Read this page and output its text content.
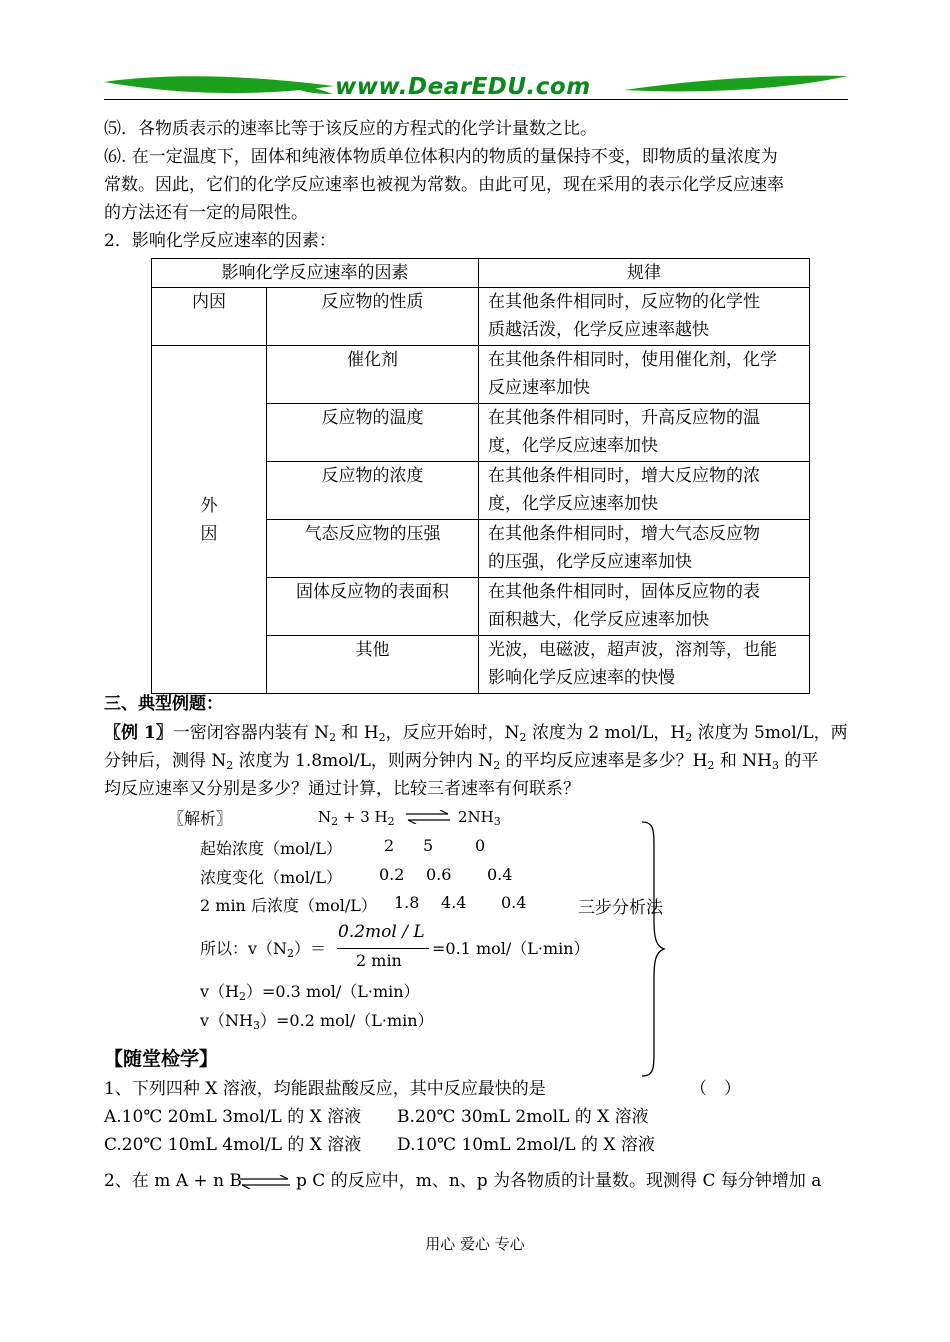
www.DearEDU.com
⑸．各物质表示的速率比等于该反应的方程式的化学计量数之比。
⑹. 在一定温度下，固体和纯液体物质单位体积内的物质的量保持不变，即物质的量浓度为
常数。因此，它们的化学反应速率也被视为常数。由此可见，现在采用的表示化学反应速率
的方法还有一定的局限性。
2．影响化学反应速率的因素：
影响化学反应速率的因素		规律
内因	反应物的性质	在其他条件相同时，反应物的化学性
质越活泼，化学反应速率越快
外
因	催化剂	在其他条件相同时，使用催化剂，化学
反应速率加快
	反应物的温度	在其他条件相同时，升高反应物的温
度，化学反应速率加快
	反应物的浓度	在其他条件相同时，增大反应物的浓
度，化学反应速率加快
	气态反应物的压强	在其他条件相同时，增大气态反应物
的压强，化学反应速率加快
	固体反应物的表面积	在其他条件相同时，固体反应物的表
面积越大，化学反应速率加快
	其他	光波，电磁波，超声波，溶剂等，也能
影响化学反应速率的快慢
三、典型例题：
〖例 1〗一密闭容器内装有 $N_2$ 和 $H_2$，反应开始时，$N_2$ 浓度为 2 mol/L，$H_2$ 浓度为 5mol/L，两
分钟后，测得 $N_2$ 浓度为 1.8mol/L，则两分钟内 $N_2$ 的平均反应速率是多少？$H_2$ 和 $NH_3$ 的平
均反应速率又分别是多少？通过计算，比较三者速率有何联系？
〖解析〗	$N_2 + 3$ $H_2$ ⇌ $2NH_3$
起始浓度（mol/L）	2 5	0
浓度变化（mol/L） 0.2 0.6 0.4
2 min 后浓度（mol/L） 1.8 4.4 0.4	三步分析法
所以：$v(N_2)=$
0.2mol / L
2 min
=0.1 mol/（L·min）
$v(H_2)=0.3$ mol/（L·min）
$v(NH_3)=0.2$ mol/（L·min）
【随堂检学】
1、下列四种 X 溶液，均能跟盐酸反应，其中反应最快的是	（　）
A.10℃ 20mL 3mol/L 的 X 溶液 B.20℃ 30mL 2molL 的 X 溶液
C.20℃ 10mL 4mol/L 的 X 溶液 D.10℃ 10mL 2mol/L 的 X 溶液
2、在 m A + n B ⇌ p C 的反应中，m、n、p 为各物质的计量数。现测得 C 每分钟增加 a
用心 爱心 专心
